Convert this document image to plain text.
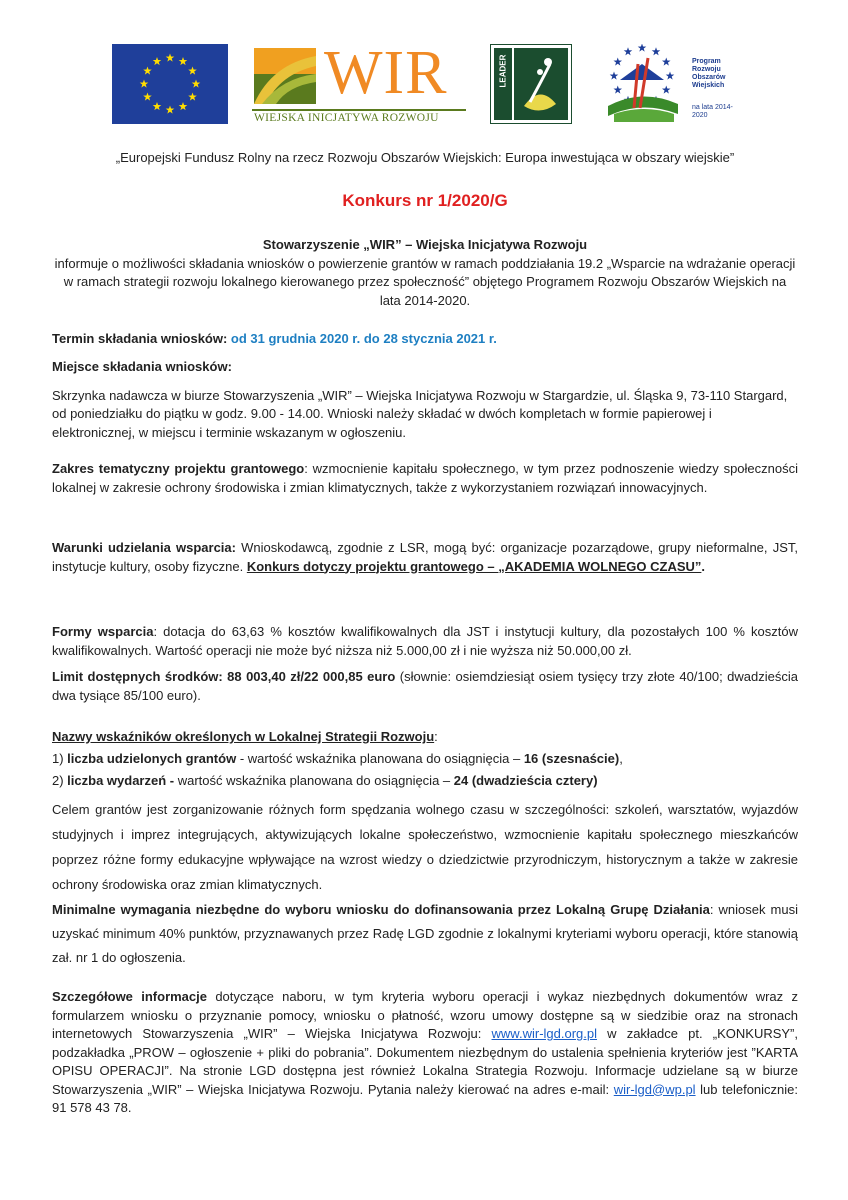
WIR
WIEJSKA INICJATYWA ROZWOJU
LEADER	Program
Rozwoju
Obszarów
Wiejskich
na lata 2014-2020
„Europejski Fundusz Rolny na rzecz Rozwoju Obszarów Wiejskich: Europa inwestująca w obszary wiejskie”
Konkurs nr 1/2020/G
Stowarzyszenie „WIR” – Wiejska Inicjatywa Rozwoju
informuje o możliwości składania wniosków o powierzenie grantów w ramach poddziałania 19.2 „Wsparcie na wdrażanie operacji w ramach strategii rozwoju lokalnego kierowanego przez społeczność” objętego Programem Rozwoju Obszarów Wiejskich na lata 2014-2020.
Termin składania wniosków: od 31 grudnia 2020 r. do 28 stycznia 2021 r.
Miejsce składania wniosków:
Skrzynka nadawcza w biurze Stowarzyszenia „WIR” – Wiejska Inicjatywa Rozwoju w Stargardzie, ul. Śląska 9, 73-110 Stargard, od poniedziałku do piątku w godz. 9.00 - 14.00. Wnioski należy składać w dwóch kompletach w formie papierowej i elektronicznej, w miejscu i terminie wskazanym w ogłoszeniu.
Zakres tematyczny projektu grantowego: wzmocnienie kapitału społecznego, w tym przez podnoszenie wiedzy społeczności lokalnej w zakresie ochrony środowiska i zmian klimatycznych, także z wykorzystaniem rozwiązań innowacyjnych.
Warunki udzielania wsparcia: Wnioskodawcą, zgodnie z LSR, mogą być: organizacje pozarządowe, grupy nieformalne, JST, instytucje kultury, osoby fizyczne. Konkurs dotyczy projektu grantowego – „AKADEMIA WOLNEGO CZASU”.
Formy wsparcia: dotacja do 63,63 % kosztów kwalifikowalnych dla JST i instytucji kultury, dla pozostałych 100 % kosztów kwalifikowalnych. Wartość operacji nie może być niższa niż 5.000,00 zł i nie wyższa niż 50.000,00 zł.
Limit dostępnych środków: 88 003,40 zł/22 000,85 euro (słownie: osiemdziesiąt osiem tysięcy trzy złote 40/100; dwadzieścia dwa tysiące 85/100 euro).
Nazwy wskaźników określonych w Lokalnej Strategii Rozwoju:
1) liczba udzielonych grantów - wartość wskaźnika planowana do osiągnięcia – 16 (szesnaście),
2) liczba wydarzeń - wartość wskaźnika planowana do osiągnięcia – 24 (dwadzieścia cztery)
Celem grantów jest zorganizowanie różnych form spędzania wolnego czasu w szczególności: szkoleń, warsztatów, wyjazdów studyjnych i imprez integrujących, aktywizujących lokalne społeczeństwo, wzmocnienie kapitału społecznego mieszkańców poprzez różne formy edukacyjne wpływające na wzrost wiedzy o dziedzictwie przyrodniczym, historycznym a także w zakresie ochrony środowiska oraz zmian klimatycznych.
Minimalne wymagania niezbędne do wyboru wniosku do dofinansowania przez Lokalną Grupę Działania: wniosek musi uzyskać minimum 40% punktów, przyznawanych przez Radę LGD zgodnie z lokalnymi kryteriami wyboru operacji, które stanowią zał. nr 1 do ogłoszenia.
Szczegółowe informacje dotyczące naboru, w tym kryteria wyboru operacji i wykaz niezbędnych dokumentów wraz z formularzem wniosku o przyznanie pomocy, wniosku o płatność, wzoru umowy dostępne są w siedzibie oraz na stronach internetowych Stowarzyszenia „WIR” – Wiejska Inicjatywa Rozwoju: www.wir-lgd.org.pl w zakładce pt. „KONKURSY”, podzakładka „PROW – ogłoszenie + pliki do pobrania”. Dokumentem niezbędnym do ustalenia spełnienia kryteriów jest ”KARTA OPISU OPERACJI”. Na stronie LGD dostępna jest również Lokalna Strategia Rozwoju. Informacje udzielane są w biurze Stowarzyszenia „WIR” – Wiejska Inicjatywa Rozwoju. Pytania należy kierować na adres e-mail: wir-lgd@wp.pl lub telefonicznie: 91 578 43 78.
